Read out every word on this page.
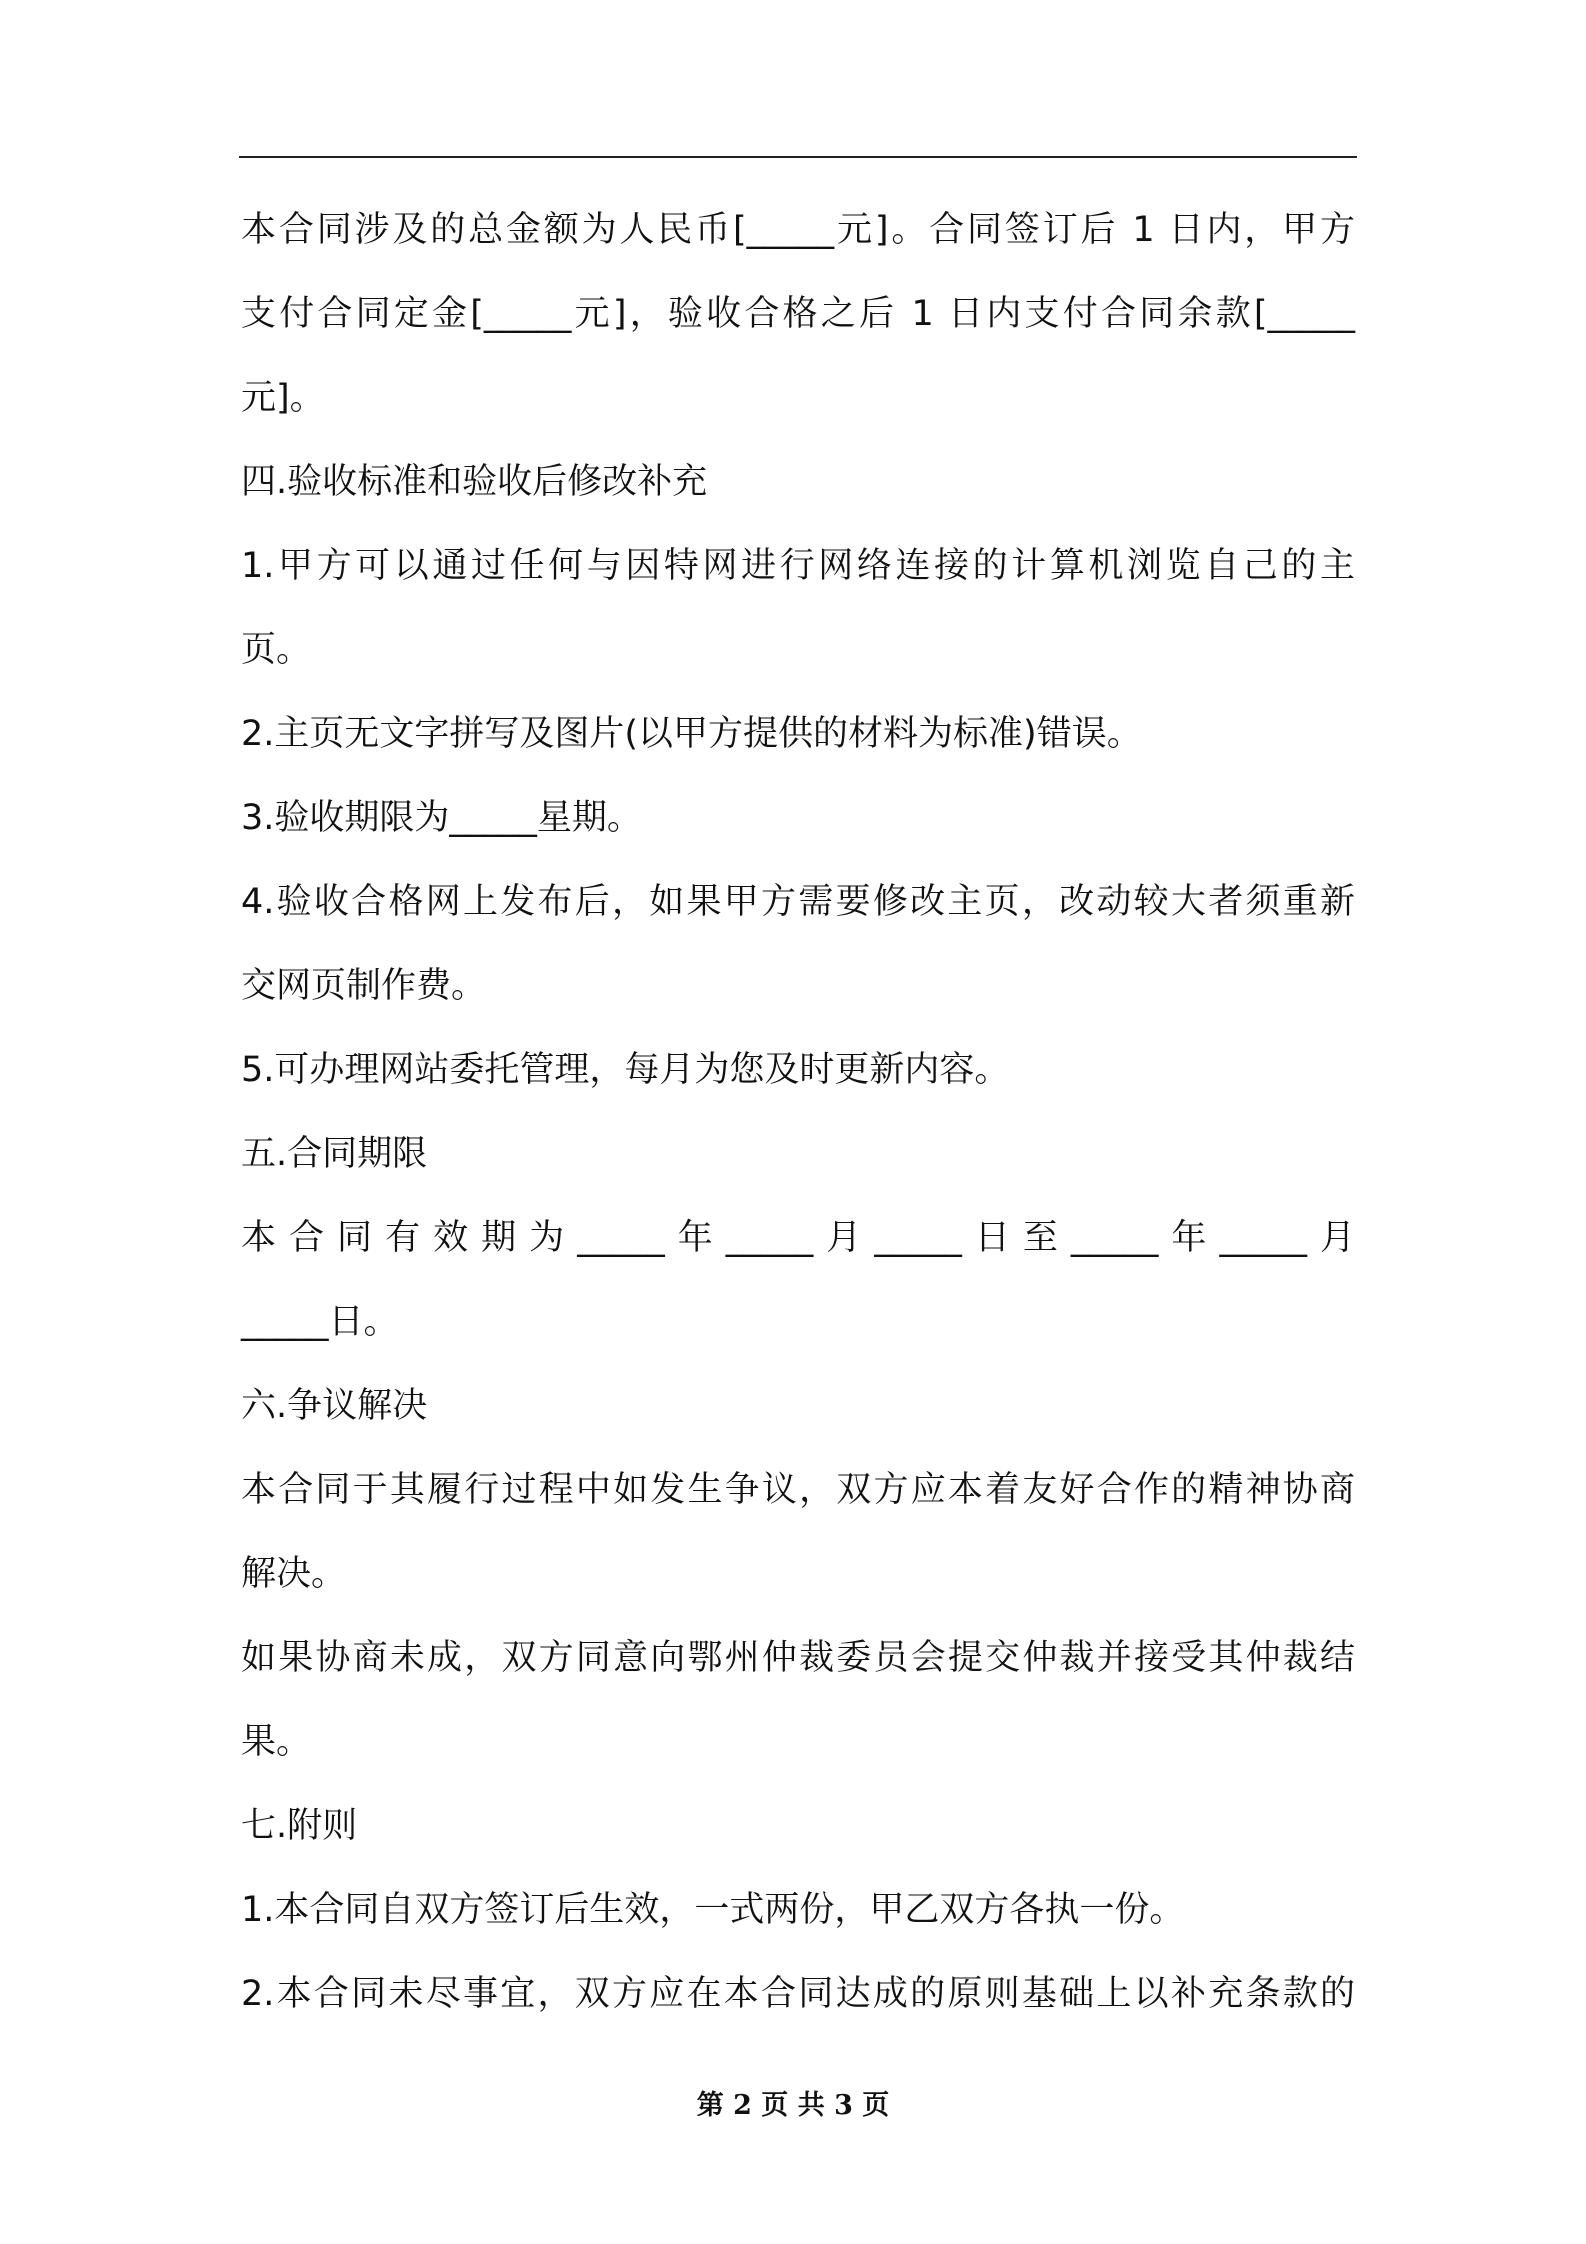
本合同涉及的总金额为人民币[_____元]。合同签订后 1 日内，甲方
支付合同定金[_____元]，验收合格之后 1 日内支付合同余款[_____
元]。
四.验收标准和验收后修改补充
1.甲方可以通过任何与因特网进行网络连接的计算机浏览自己的主
页。
2.主页无文字拼写及图片(以甲方提供的材料为标准)错误。
3.验收期限为_____星期。
4.验收合格网上发布后，如果甲方需要修改主页，改动较大者须重新
交网页制作费。
5.可办理网站委托管理，每月为您及时更新内容。
五.合同期限
本合同有效期为_____年_____月_____日至_____年_____月
_____日。
六.争议解决
本合同于其履行过程中如发生争议，双方应本着友好合作的精神协商
解决。
如果协商未成，双方同意向鄂州仲裁委员会提交仲裁并接受其仲裁结
果。
七.附则
1.本合同自双方签订后生效，一式两份，甲乙双方各执一份。
2.本合同未尽事宜，双方应在本合同达成的原则基础上以补充条款的
第 2 页 共 3 页
